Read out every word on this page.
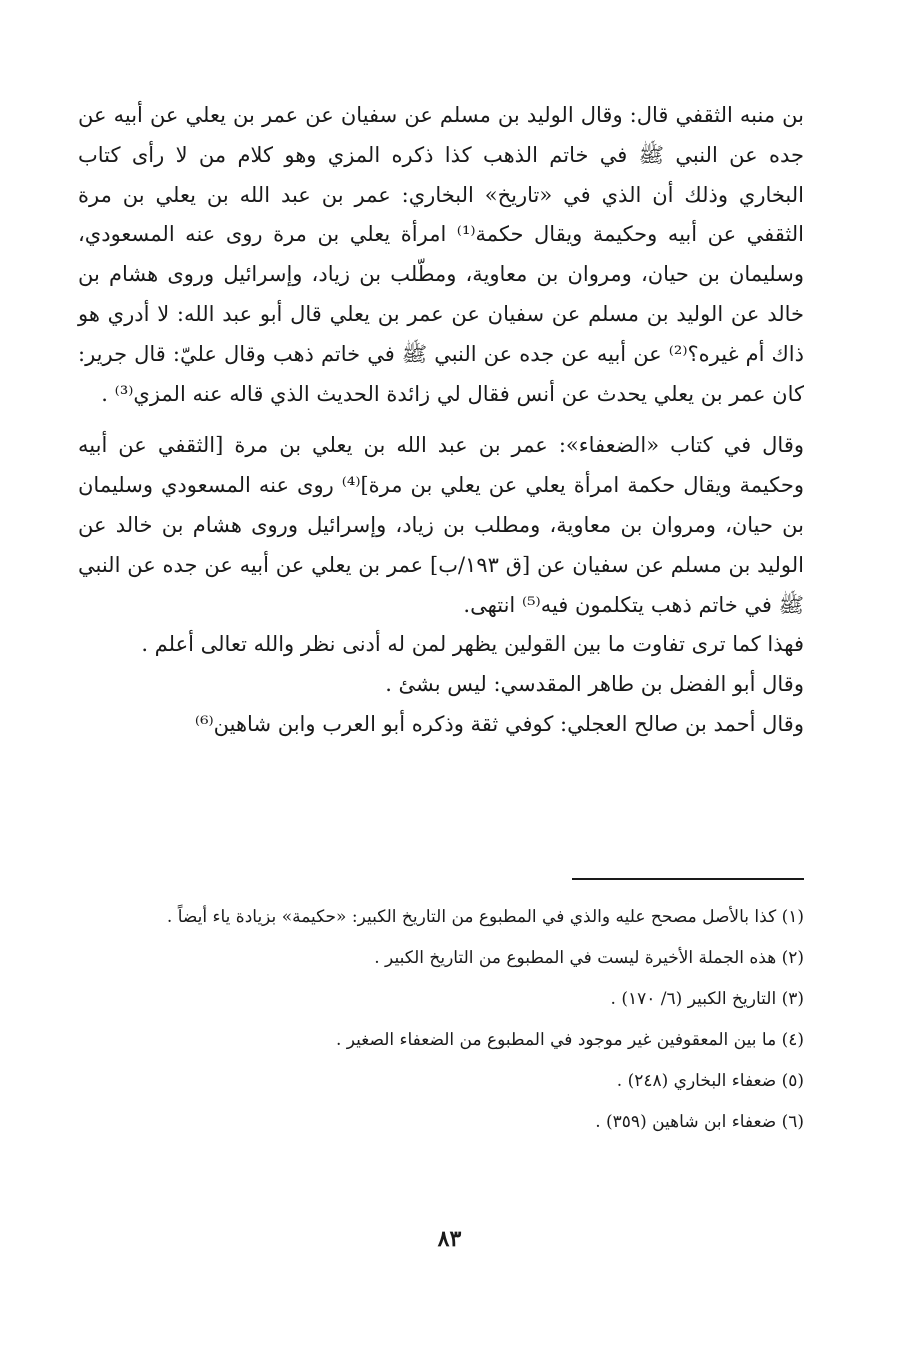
بن منبه الثقفي قال: وقال الوليد بن مسلم عن سفيان عن عمر بن يعلي عن أبيه عن جده عن النبي ﷺ في خاتم الذهب كذا ذكره المزي وهو كلام من لا رأى كتاب البخاري وذلك أن الذي في «تاريخ» البخاري: عمر بن عبد الله بن يعلي بن مرة الثقفي عن أبيه وحكيمة ويقال حكمة⁽¹⁾ امرأة يعلي بن مرة روى عنه المسعودي، وسليمان بن حيان، ومروان بن معاوية، ومطّلب بن زياد، وإسرائيل وروى هشام بن خالد عن الوليد بن مسلم عن سفيان عن عمر بن يعلي قال أبو عبد الله: لا أدري هو ذاك أم غيره؟⁽²⁾ عن أبيه عن جده عن النبي ﷺ في خاتم ذهب وقال عليّ: قال جرير: كان عمر بن يعلي يحدث عن أنس فقال لي زائدة الحديث الذي قاله عنه المزي⁽³⁾ .

وقال في كتاب «الضعفاء»: عمر بن عبد الله بن يعلي بن مرة [الثقفي عن أبيه وحكيمة ويقال حكمة امرأة يعلي عن يعلي بن مرة]⁽⁴⁾ روى عنه المسعودي وسليمان بن حيان، ومروان بن معاوية، ومطلب بن زياد، وإسرائيل وروى هشام بن خالد عن الوليد بن مسلم عن سفيان عن [ق ١٩٣/ب] عمر بن يعلي عن أبيه عن جده عن النبي ﷺ في خاتم ذهب يتكلمون فيه⁽⁵⁾ انتهى.

فهذا كما ترى تفاوت ما بين القولين يظهر لمن له أدنى نظر والله تعالى أعلم .

وقال أبو الفضل بن طاهر المقدسي: ليس بشئ .

وقال أحمد بن صالح العجلي: كوفي ثقة وذكره أبو العرب وابن شاهين⁽⁶⁾

(١) كذا بالأصل مصحح عليه والذي في المطبوع من التاريخ الكبير: «حكيمة» بزيادة ياء أيضاً .

(٢) هذه الجملة الأخيرة ليست في المطبوع من التاريخ الكبير .

(٣) التاريخ الكبير (٦/ ١٧٠) .

(٤) ما بين المعقوفين غير موجود في المطبوع من الضعفاء الصغير .

(٥) ضعفاء البخاري (٢٤٨) .

(٦) ضعفاء ابن شاهين (٣٥٩) .

٨٣
